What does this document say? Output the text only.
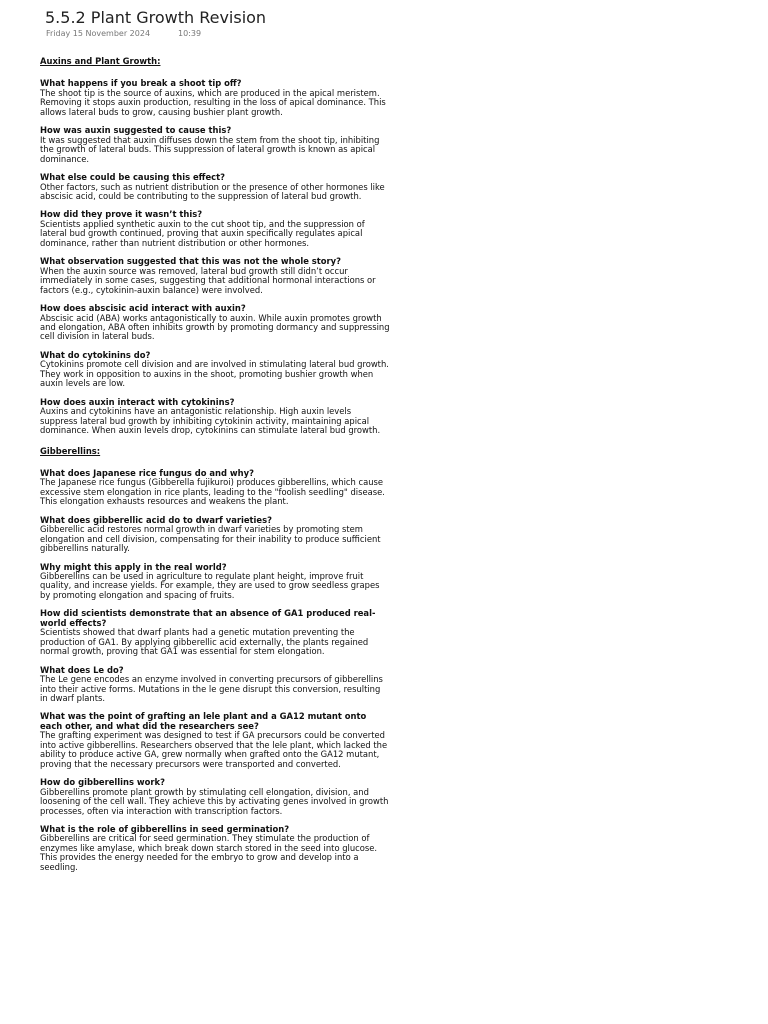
5.5.2 Plant Growth Revision
Friday 15 November 2024	10:39
Auxins and Plant Growth:

What happens if you break a shoot tip off?

The shoot tip is the source of auxins, which are produced in the apical meristem. Removing it stops auxin production, resulting in the loss of apical dominance. This allows lateral buds to grow, causing bushier plant growth.

How was auxin suggested to cause this?

It was suggested that auxin diffuses down the stem from the shoot tip, inhibiting the growth of lateral buds. This suppression of lateral growth is known as apical dominance.

What else could be causing this effect?

Other factors, such as nutrient distribution or the presence of other hormones like abscisic acid, could be contributing to the suppression of lateral bud growth.

How did they prove it wasn’t this?

Scientists applied synthetic auxin to the cut shoot tip, and the suppression of lateral bud growth continued, proving that auxin specifically regulates apical dominance, rather than nutrient distribution or other hormones.

What observation suggested that this was not the whole story?

When the auxin source was removed, lateral bud growth still didn’t occur immediately in some cases, suggesting that additional hormonal interactions or factors (e.g., cytokinin-auxin balance) were involved.

How does abscisic acid interact with auxin?

Abscisic acid (ABA) works antagonistically to auxin. While auxin promotes growth and elongation, ABA often inhibits growth by promoting dormancy and suppressing cell division in lateral buds.

What do cytokinins do?

Cytokinins promote cell division and are involved in stimulating lateral bud growth. They work in opposition to auxins in the shoot, promoting bushier growth when auxin levels are low.

How does auxin interact with cytokinins?

Auxins and cytokinins have an antagonistic relationship. High auxin levels suppress lateral bud growth by inhibiting cytokinin activity, maintaining apical dominance. When auxin levels drop, cytokinins can stimulate lateral bud growth.

Gibberellins:

What does Japanese rice fungus do and why?

The Japanese rice fungus (Gibberella fujikuroi) produces gibberellins, which cause excessive stem elongation in rice plants, leading to the "foolish seedling" disease. This elongation exhausts resources and weakens the plant.

What does gibberellic acid do to dwarf varieties?

Gibberellic acid restores normal growth in dwarf varieties by promoting stem elongation and cell division, compensating for their inability to produce sufficient gibberellins naturally.

Why might this apply in the real world?

Gibberellins can be used in agriculture to regulate plant height, improve fruit quality, and increase yields. For example, they are used to grow seedless grapes by promoting elongation and spacing of fruits.

How did scientists demonstrate that an absence of GA1 produced real-world effects?

Scientists showed that dwarf plants had a genetic mutation preventing the production of GA1. By applying gibberellic acid externally, the plants regained normal growth, proving that GA1 was essential for stem elongation.

What does Le do?

The Le gene encodes an enzyme involved in converting precursors of gibberellins into their active forms. Mutations in the le gene disrupt this conversion, resulting in dwarf plants.

What was the point of grafting an lele plant and a GA12 mutant onto each other, and what did the researchers see?

The grafting experiment was designed to test if GA precursors could be converted into active gibberellins. Researchers observed that the lele plant, which lacked the ability to produce active GA, grew normally when grafted onto the GA12 mutant, proving that the necessary precursors were transported and converted.

How do gibberellins work?

Gibberellins promote plant growth by stimulating cell elongation, division, and loosening of the cell wall. They achieve this by activating genes involved in growth processes, often via interaction with transcription factors.

What is the role of gibberellins in seed germination?

Gibberellins are critical for seed germination. They stimulate the production of enzymes like amylase, which break down starch stored in the seed into glucose. This provides the energy needed for the embryo to grow and develop into a seedling.
